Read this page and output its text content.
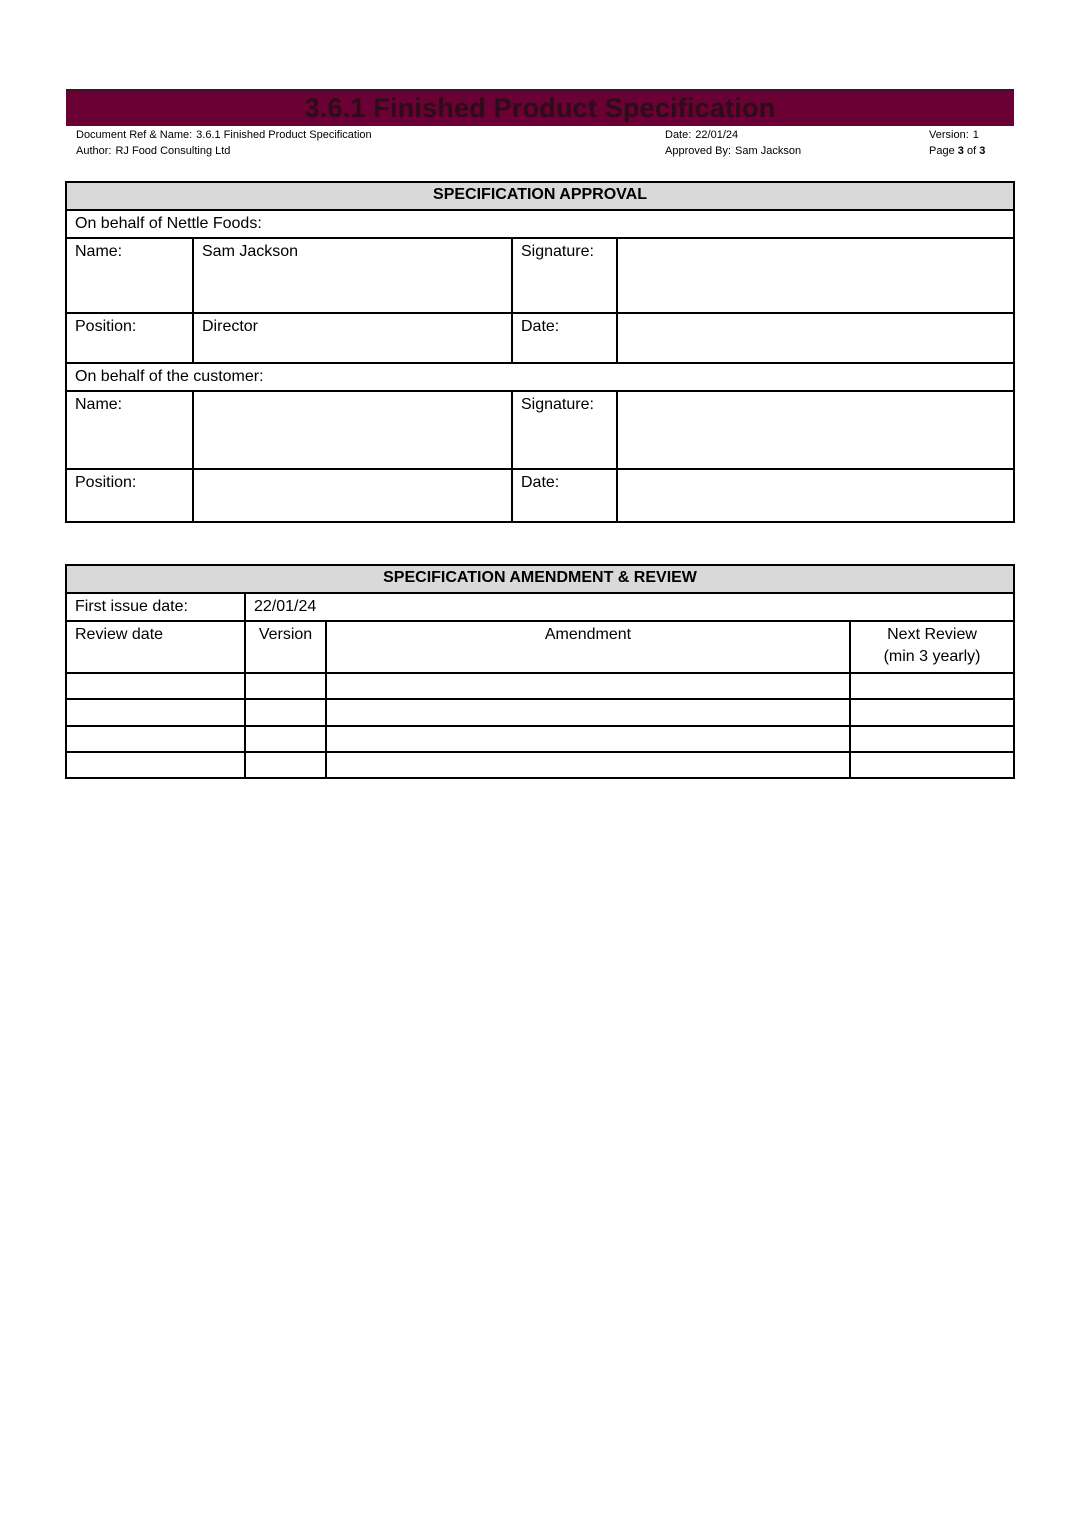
3.6.1 Finished Product Specification
Document Ref & Name: 3.6.1 Finished Product Specification
Author: RJ Food Consulting Ltd
Date: 22/01/24
Approved By: Sam Jackson
Version: 1
Page 3 of 3
SPECIFICATION APPROVAL			
On behalf of Nettle Foods:			
Name:	Sam Jackson	Signature:	
Position:	Director	Date:	
On behalf of the customer:			
Name:		Signature:	
Position:		Date:	
SPECIFICATION AMENDMENT & REVIEW			
First issue date:	22/01/24		
Review date	Version	Amendment	Next Review
(min 3 yearly)
